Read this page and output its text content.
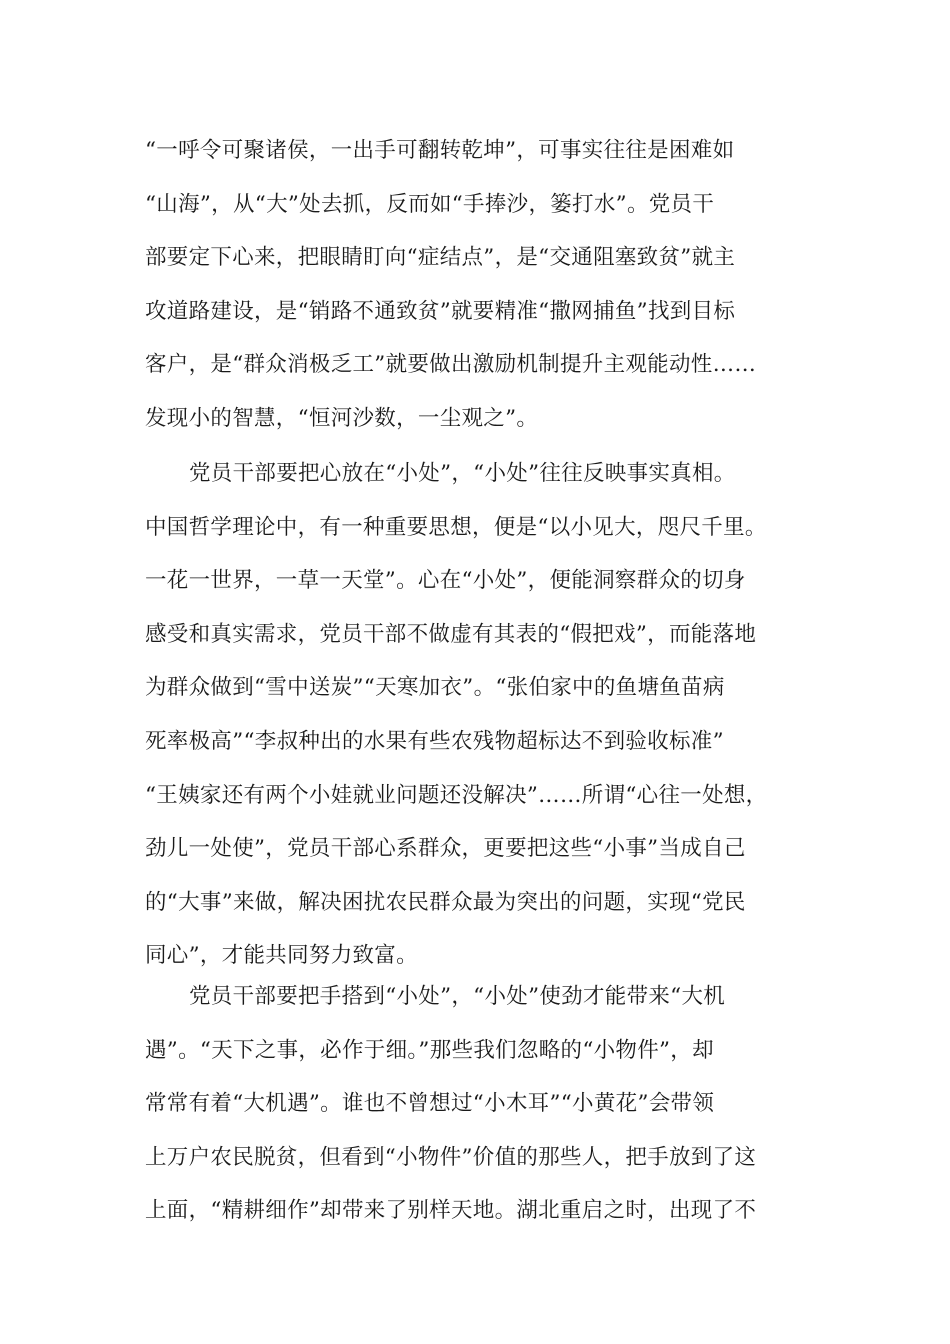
“一呼令可聚诸侯，一出手可翻转乾坤”，可事实往往是困难如
“山海”，从“大”处去抓，反而如“手捧沙，篓打水”。党员干
部要定下心来，把眼睛盯向“症结点”，是“交通阻塞致贫”就主
攻道路建设，是“销路不通致贫”就要精准“撒网捕鱼”找到目标
客户，是“群众消极乏工”就要做出激励机制提升主观能动性……
发现小的智慧，“恒河沙数，一尘观之”。
党员干部要把心放在“小处”，“小处”往往反映事实真相。
中国哲学理论中，有一种重要思想，便是“以小见大，咫尺千里。
一花一世界，一草一天堂”。心在“小处”，便能洞察群众的切身
感受和真实需求，党员干部不做虚有其表的“假把戏”，而能落地
为群众做到“雪中送炭”“天寒加衣”。“张伯家中的鱼塘鱼苗病
死率极高”“李叔种出的水果有些农残物超标达不到验收标准”
“王姨家还有两个小娃就业问题还没解决”……所谓“心往一处想，
劲儿一处使”，党员干部心系群众，更要把这些“小事”当成自己
的“大事”来做，解决困扰农民群众最为突出的问题，实现“党民
同心”，才能共同努力致富。
党员干部要把手搭到“小处”，“小处”使劲才能带来“大机
遇”。“天下之事，必作于细。”那些我们忽略的“小物件”，却
常常有着“大机遇”。谁也不曾想过“小木耳”“小黄花”会带领
上万户农民脱贫，但看到“小物件”价值的那些人，把手放到了这
上面，“精耕细作”却带来了别样天地。湖北重启之时，出现了不
